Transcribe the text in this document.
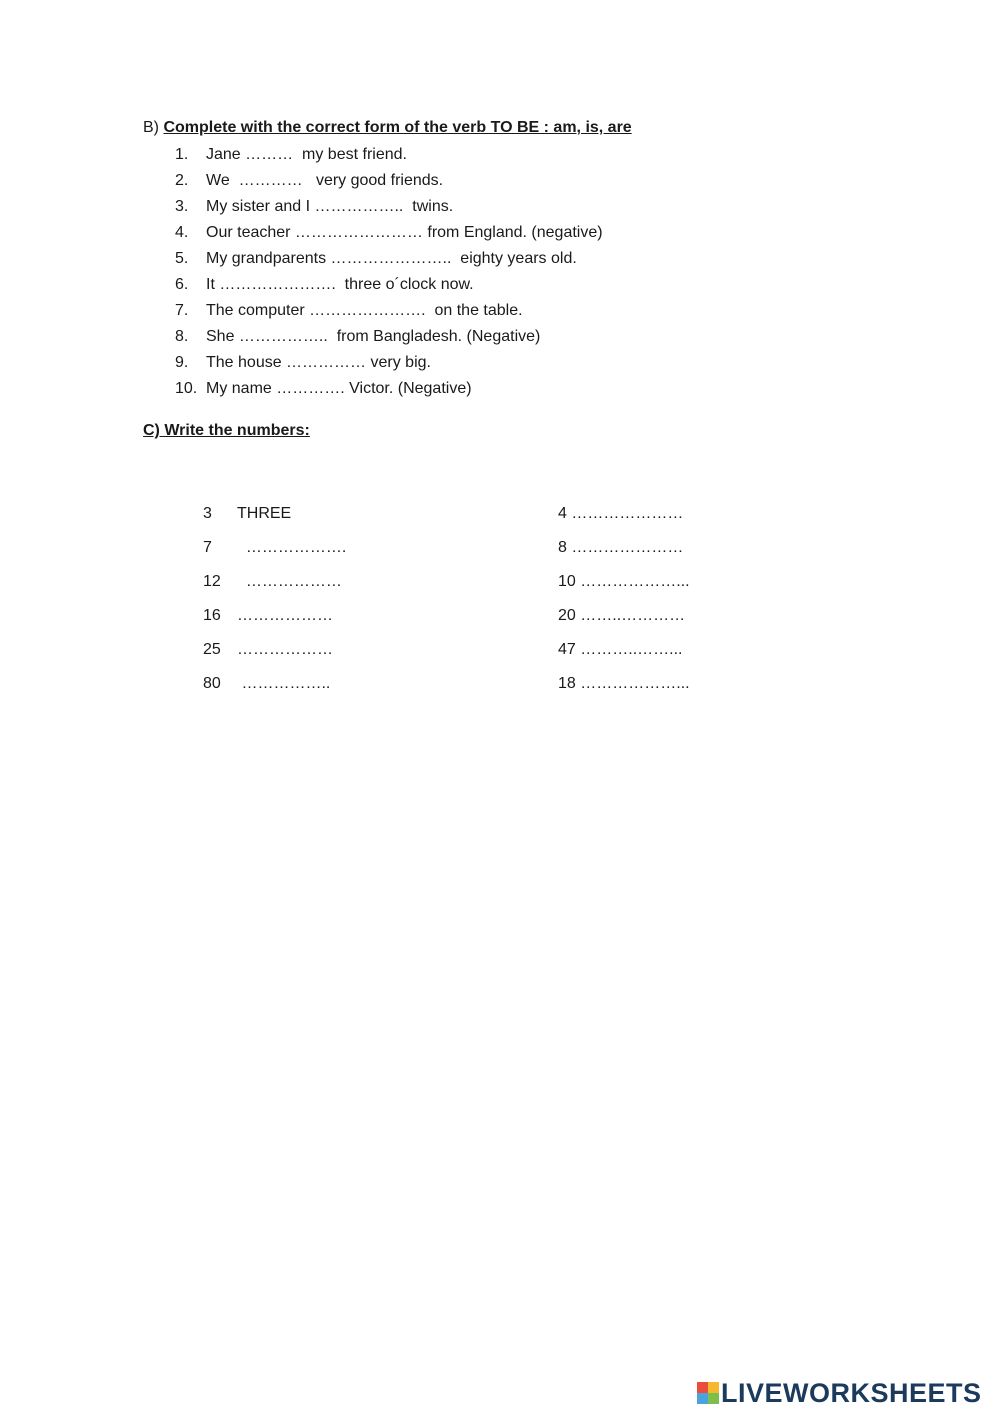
B) Complete with the correct form of the verb TO BE : am, is, are
1.	Jane ………  my best friend.
2.	We  …………   very good friends.
3.	My sister and I ……………..  twins.
4.	Our teacher …………………… from England. (negative)
5.	My grandparents …………………..  eighty years old.
6.	It ………………….  three o´clock now.
7.	The computer ………………….  on the table.
8.	She ……………..  from Bangladesh. (Negative)
9.	The house …………… very big.
10. My name …………. Victor. (Negative)
C) Write the numbers:
3 THREE	4 …………………
7  ……………….	8 …………………
12  ………………	10 ………………...
16 ………………	20 ……..…………
25 ………………	47 ………..……...
80 ……………..	18 ………………...
LIVEWORKSHEETS
